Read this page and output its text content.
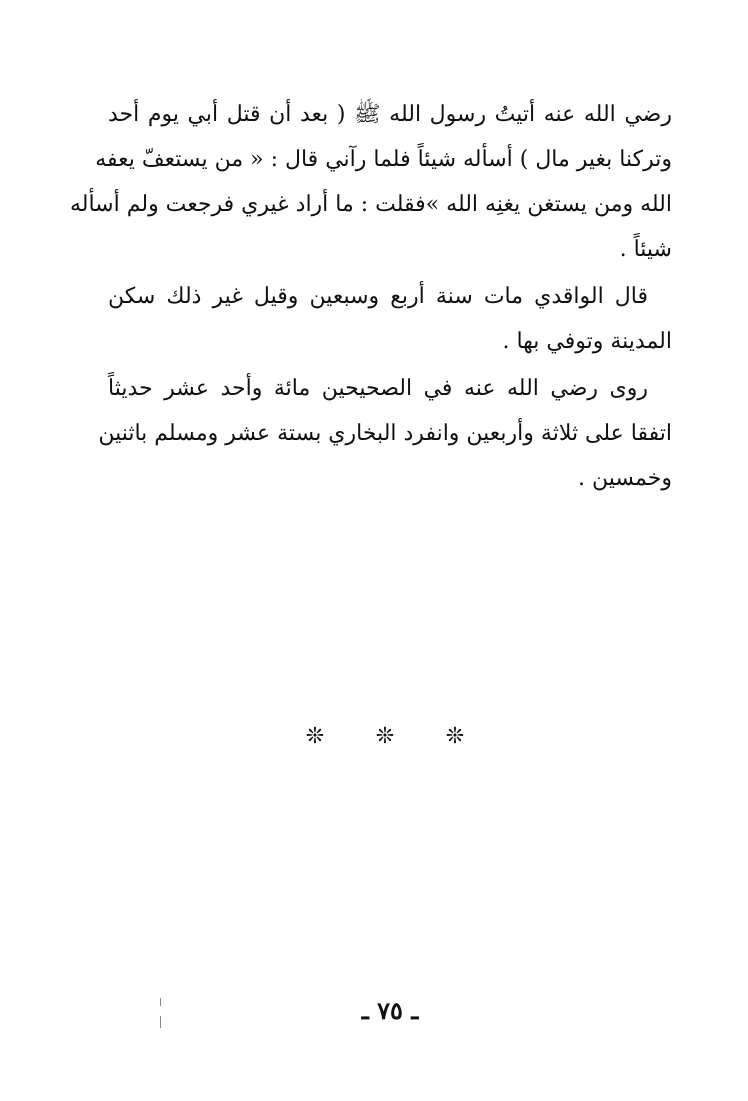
رضي الله عنه أتيتُ رسول الله ﷺ ( بعد أن قتل أبي يوم أحد
وتركنا بغير مال ) أسأله شيئاً فلما رآني قال : « من يستعفّ يعفه
الله ومن يستغن يغنِه الله »فقلت : ما أراد غيري فرجعت ولم أسأله
شيئاً .
قال الواقدي مات سنة أربع وسبعين وقيل غير ذلك سكن
المدينة وتوفي بها .
روى رضي الله عنه في الصحيحين مائة وأحد عشر حديثاً
اتفقا على ثلاثة وأربعين وانفرد البخاري بستة عشر ومسلم باثنين
وخمسين .
❊ ❊ ❊
ـ ٧٥ ـ
